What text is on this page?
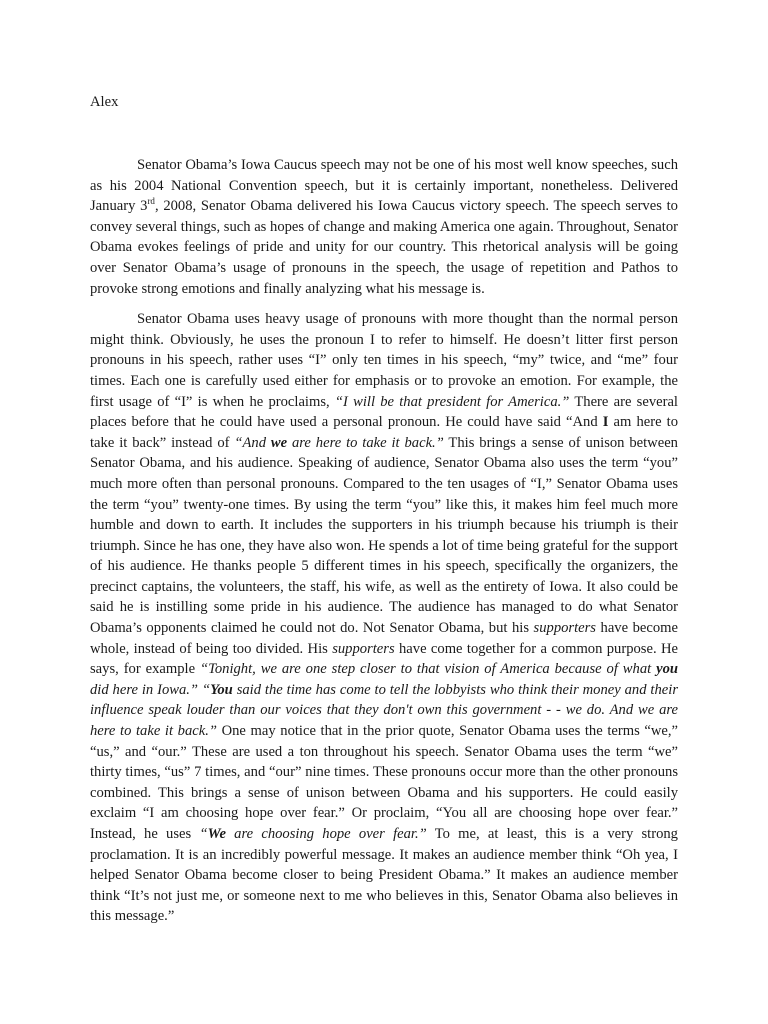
Alex

Senator Obama’s Iowa Caucus speech may not be one of his most well know speeches, such as his 2004 National Convention speech, but it is certainly important, nonetheless. Delivered January 3rd, 2008, Senator Obama delivered his Iowa Caucus victory speech. The speech serves to convey several things, such as hopes of change and making America one again. Throughout, Senator Obama evokes feelings of pride and unity for our country. This rhetorical analysis will be going over Senator Obama’s usage of pronouns in the speech, the usage of repetition and Pathos to provoke strong emotions and finally analyzing what his message is.

Senator Obama uses heavy usage of pronouns with more thought than the normal person might think. Obviously, he uses the pronoun I to refer to himself. He doesn’t litter first person pronouns in his speech, rather uses “I” only ten times in his speech, “my” twice, and “me” four times. Each one is carefully used either for emphasis or to provoke an emotion. For example, the first usage of “I” is when he proclaims, “I will be that president for America.” There are several places before that he could have used a personal pronoun. He could have said “And I am here to take it back” instead of “And we are here to take it back.” This brings a sense of unison between Senator Obama, and his audience. Speaking of audience, Senator Obama also uses the term “you” much more often than personal pronouns. Compared to the ten usages of “I,” Senator Obama uses the term “you” twenty-one times. By using the term “you” like this, it makes him feel much more humble and down to earth. It includes the supporters in his triumph because his triumph is their triumph. Since he has one, they have also won. He spends a lot of time being grateful for the support of his audience. He thanks people 5 different times in his speech, specifically the organizers, the precinct captains, the volunteers, the staff, his wife, as well as the entirety of Iowa. It also could be said he is instilling some pride in his audience. The audience has managed to do what Senator Obama’s opponents claimed he could not do. Not Senator Obama, but his supporters have become whole, instead of being too divided. His supporters have come together for a common purpose. He says, for example “Tonight, we are one step closer to that vision of America because of what you did here in Iowa.” “You said the time has come to tell the lobbyists who think their money and their influence speak louder than our voices that they don't own this government - - we do. And we are here to take it back.” One may notice that in the prior quote, Senator Obama uses the terms “we,” “us,” and “our.” These are used a ton throughout his speech. Senator Obama uses the term “we” thirty times, “us” 7 times, and “our” nine times. These pronouns occur more than the other pronouns combined. This brings a sense of unison between Obama and his supporters. He could easily exclaim “I am choosing hope over fear.” Or proclaim, “You all are choosing hope over fear.” Instead, he uses “We are choosing hope over fear.” To me, at least, this is a very strong proclamation. It is an incredibly powerful message. It makes an audience member think “Oh yea, I helped Senator Obama become closer to being President Obama.” It makes an audience member think “It’s not just me, or someone next to me who believes in this, Senator Obama also believes in this message.”
